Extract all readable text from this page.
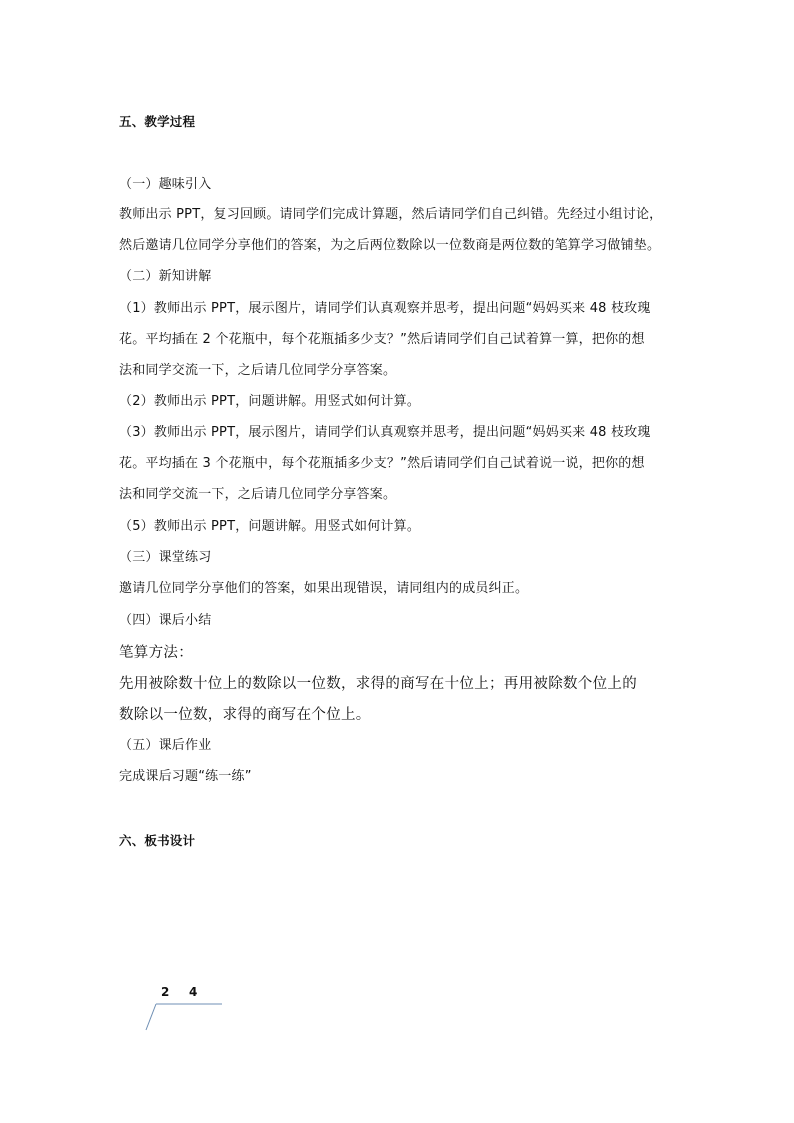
五、教学过程
（一）趣味引入
教师出示 PPT，复习回顾。请同学们完成计算题，然后请同学们自己纠错。先经过小组讨论，
然后邀请几位同学分享他们的答案，为之后两位数除以一位数商是两位数的笔算学习做铺垫。
（二）新知讲解
（1）教师出示 PPT，展示图片，请同学们认真观察并思考，提出问题“妈妈买来 48 枝玫瑰
花。平均插在 2 个花瓶中，每个花瓶插多少支？”然后请同学们自己试着算一算，把你的想
法和同学交流一下，之后请几位同学分享答案。
（2）教师出示 PPT，问题讲解。用竖式如何计算。
（3）教师出示 PPT，展示图片，请同学们认真观察并思考，提出问题“妈妈买来 48 枝玫瑰
花。平均插在 3 个花瓶中，每个花瓶插多少支？”然后请同学们自己试着说一说，把你的想
法和同学交流一下，之后请几位同学分享答案。
（5）教师出示 PPT，问题讲解。用竖式如何计算。
（三）课堂练习
邀请几位同学分享他们的答案，如果出现错误，请同组内的成员纠正。
（四）课后小结
笔算方法：
先用被除数十位上的数除以一位数，求得的商写在十位上；再用被除数个位上的
数除以一位数，求得的商写在个位上。
（五）课后作业
完成课后习题“练一练”
六、板书设计
2 4
